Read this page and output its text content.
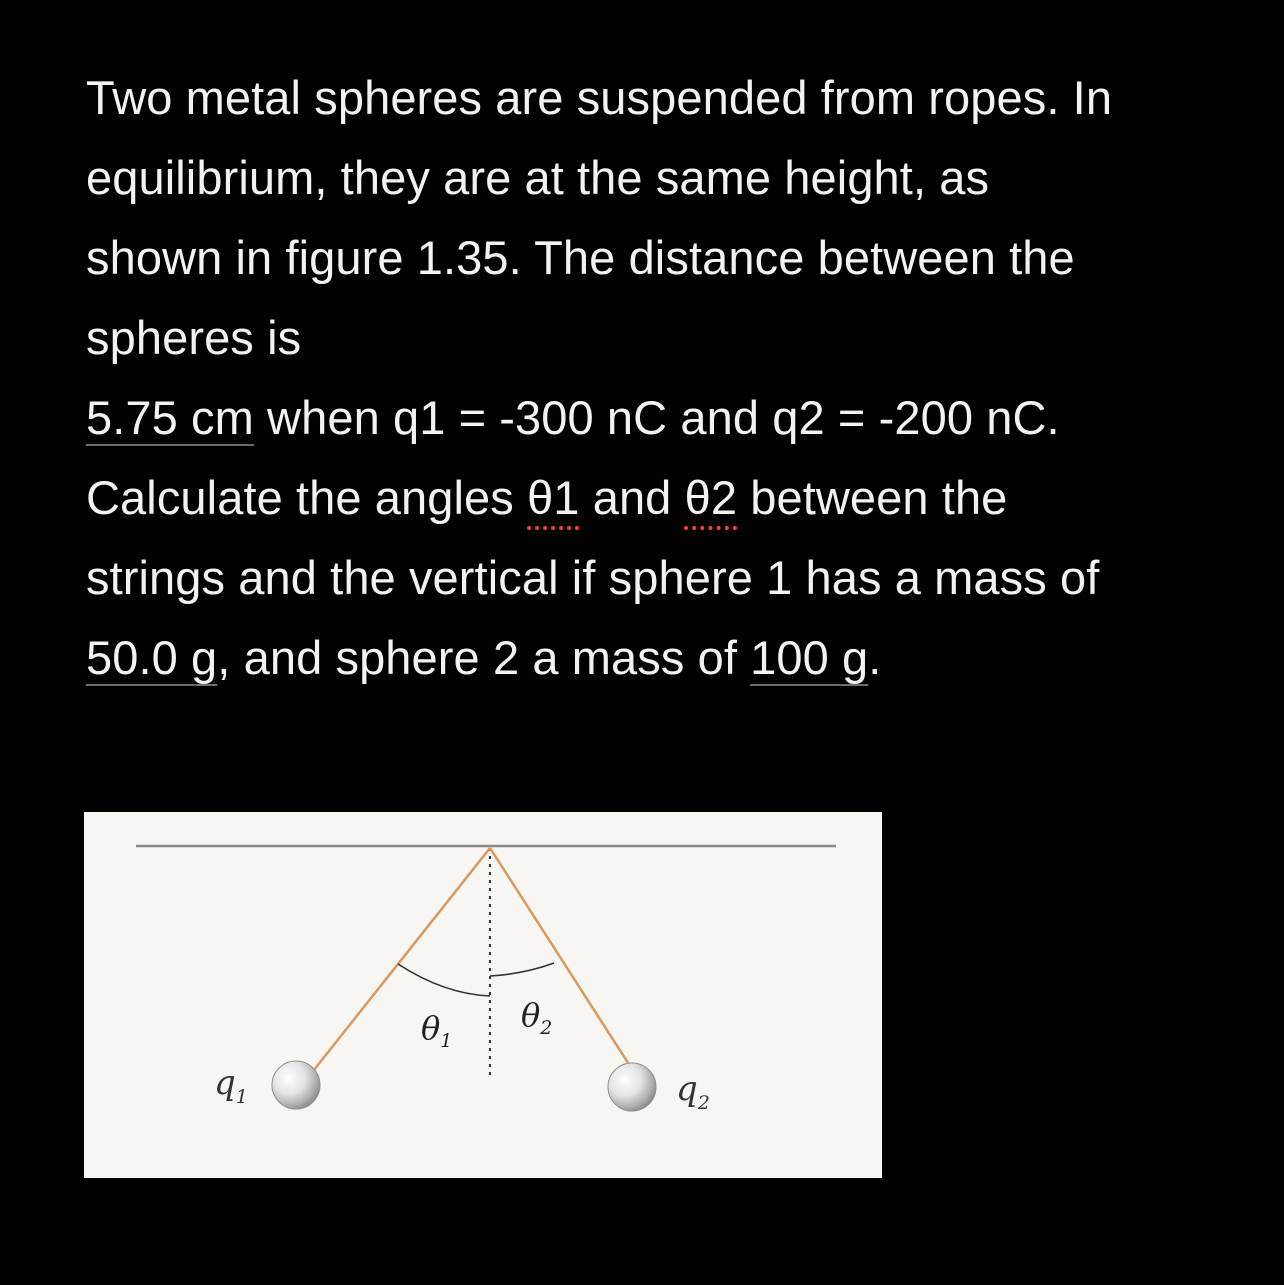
Two metal spheres are suspended from ropes. In
equilibrium, they are at the same height, as
shown in figure 1.35. The distance between the
spheres is
5.75 cm when q1 = -300 nC and q2 = -200 nC.
Calculate the angles θ1 and θ2 between the
strings and the vertical if sphere 1 has a mass of
50.0 g, and sphere 2 a mass of 100 g.
$\theta_1$
$\theta_2$
$q_1$	$q_2$
